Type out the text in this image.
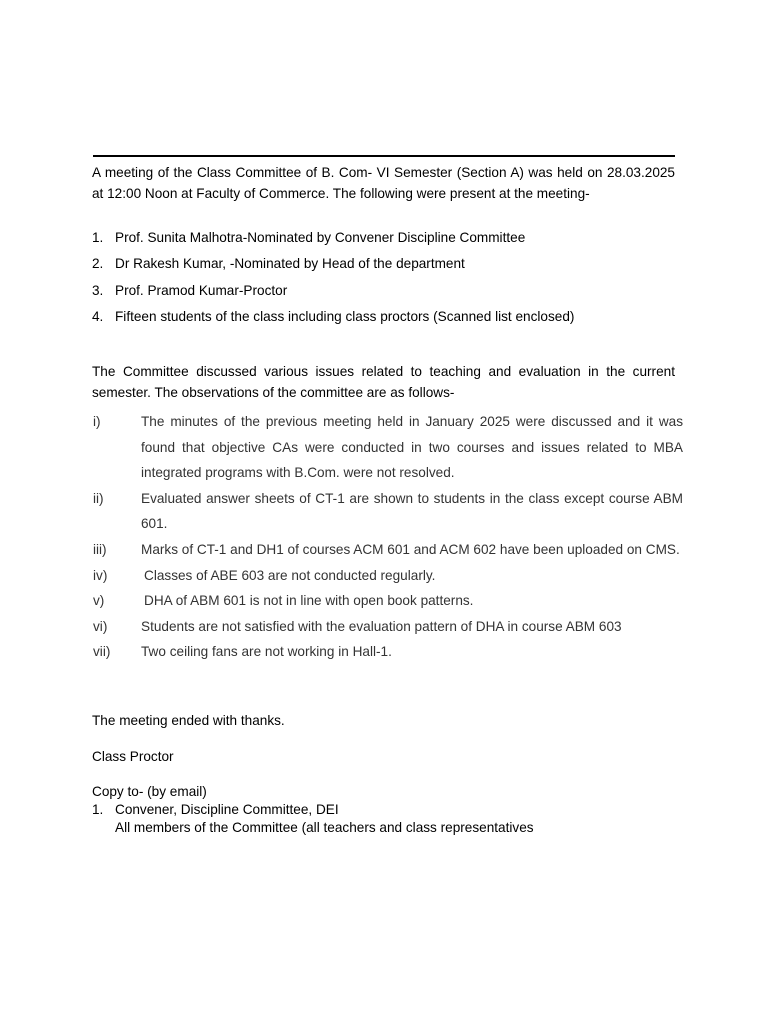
A meeting of the Class Committee of B. Com- VI Semester (Section A) was held on 28.03.2025 at 12:00 Noon at Faculty of Commerce. The following were present at the meeting-

1. Prof. Sunita Malhotra-Nominated by Convener Discipline Committee
2. Dr Rakesh Kumar, -Nominated by Head of the department
3. Prof. Pramod Kumar-Proctor
4. Fifteen students of the class including class proctors (Scanned list enclosed)

The Committee discussed various issues related to teaching and evaluation in the current semester. The observations of the committee are as follows-

i)	The minutes of the previous meeting held in January 2025 were discussed and it was found that objective CAs were conducted in two courses and issues related to MBA integrated programs with B.Com. were not resolved.
ii)	Evaluated answer sheets of CT-1 are shown to students in the class except course ABM 601.
iii)	Marks of CT-1 and DH1 of courses ACM 601 and ACM 602 have been uploaded on CMS.
iv)	Classes of ABE 603 are not conducted regularly.
v)	DHA of ABM 601 is not in line with open book patterns.
vi)	Students are not satisfied with the evaluation pattern of DHA in course ABM 603
vii)	Two ceiling fans are not working in Hall-1.

The meeting ended with thanks.

Class Proctor

Copy to- (by email)

1. Convener, Discipline Committee, DEI
All members of the Committee (all teachers and class representatives
